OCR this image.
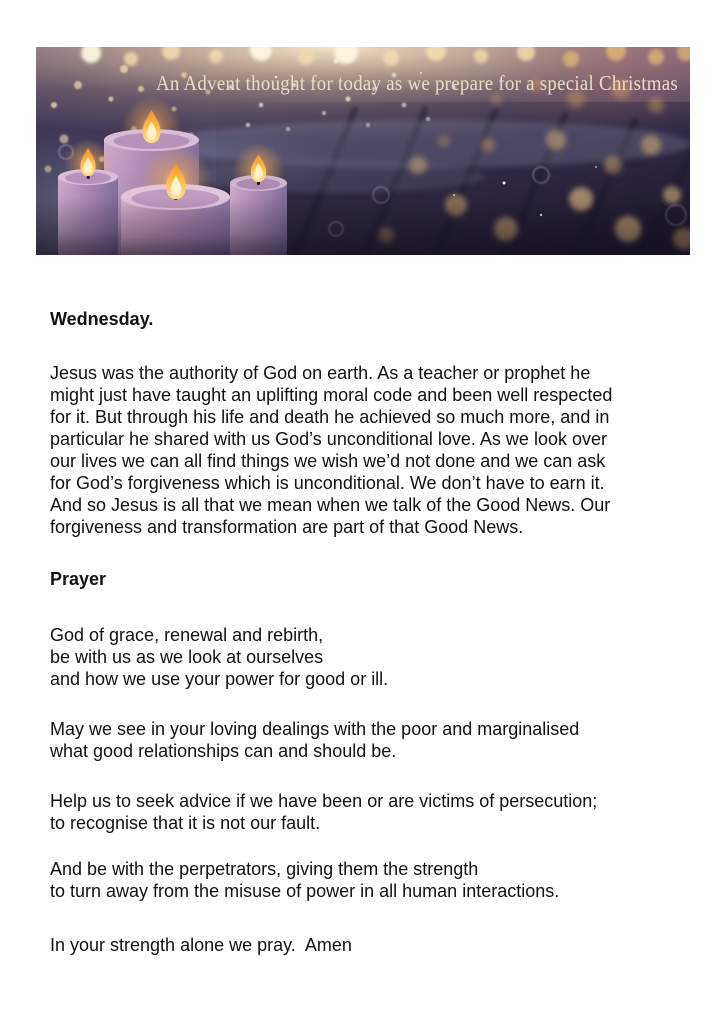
An Advent thought for today as we prepare for a special Christmas
Wednesday.
Jesus was the authority of God on earth. As a teacher or prophet he
might just have taught an uplifting moral code and been well respected
for it. But through his life and death he achieved so much more, and in
particular he shared with us God’s unconditional love. As we look over
our lives we can all find things we wish we’d not done and we can ask
for God’s forgiveness which is unconditional. We don’t have to earn it.
And so Jesus is all that we mean when we talk of the Good News. Our
forgiveness and transformation are part of that Good News.
Prayer
God of grace, renewal and rebirth,
be with us as we look at ourselves
and how we use your power for good or ill.
May we see in your loving dealings with the poor and marginalised
what good relationships can and should be.
Help us to seek advice if we have been or are victims of persecution;
to recognise that it is not our fault.
And be with the perpetrators, giving them the strength
to turn away from the misuse of power in all human interactions.
In your strength alone we pray.  Amen
